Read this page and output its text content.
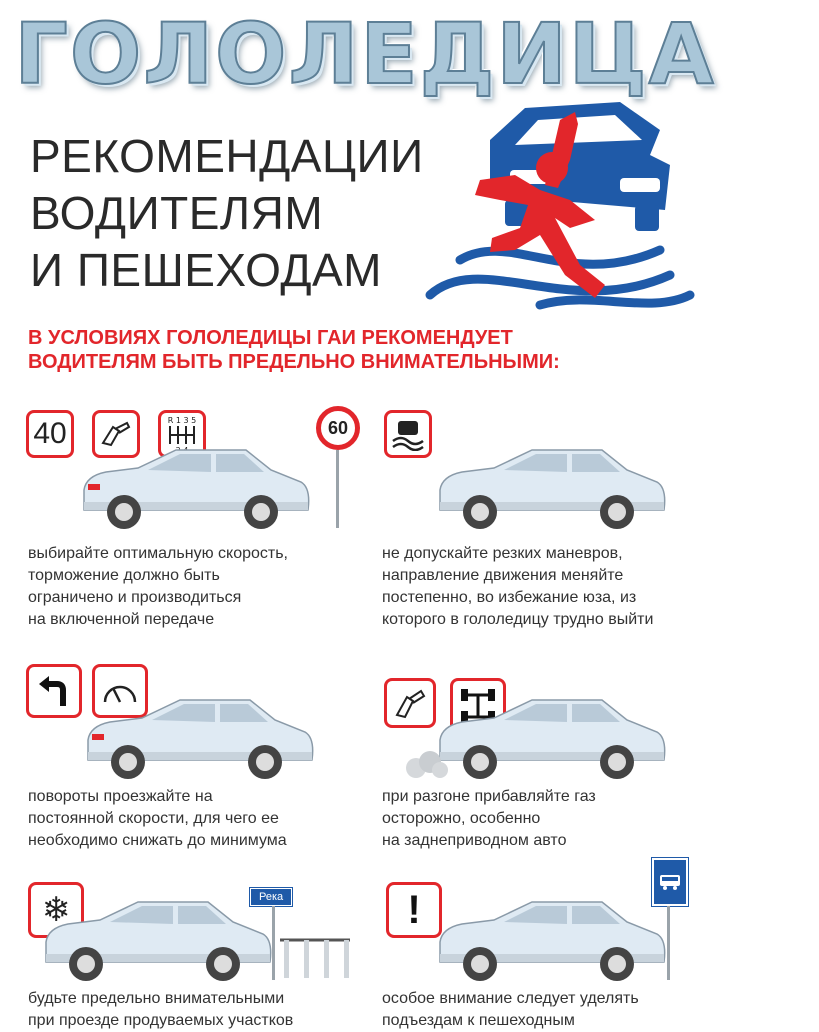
ГОЛОЛЕДИЦА
РЕКОМЕНДАЦИИ
ВОДИТЕЛЯМ
И ПЕШЕХОДАМ
В УСЛОВИЯХ ГОЛОЛЕДИЦЫ ГАИ РЕКОМЕНДУЕТ
ВОДИТЕЛЯМ БЫТЬ ПРЕДЕЛЬНО ВНИМАТЕЛЬНЫМИ:
40	R 1 3 5	60
выбирайте оптимальную скорость,
торможение должно быть
ограничено и производиться
на включенной передаче
не допускайте резких маневров,
направление движения меняйте
постепенно, во избежание юза, из
которого в гололедицу трудно выйти
повороты проезжайте на
постоянной скорости, для чего ее
необходимо снижать до минимума
при разгоне прибавляйте газ
осторожно, особенно
на заднеприводном авто
❄	Река
будьте предельно внимательными
при проезде продуваемых участков
!
особое внимание следует уделять
подъездам к пешеходным
